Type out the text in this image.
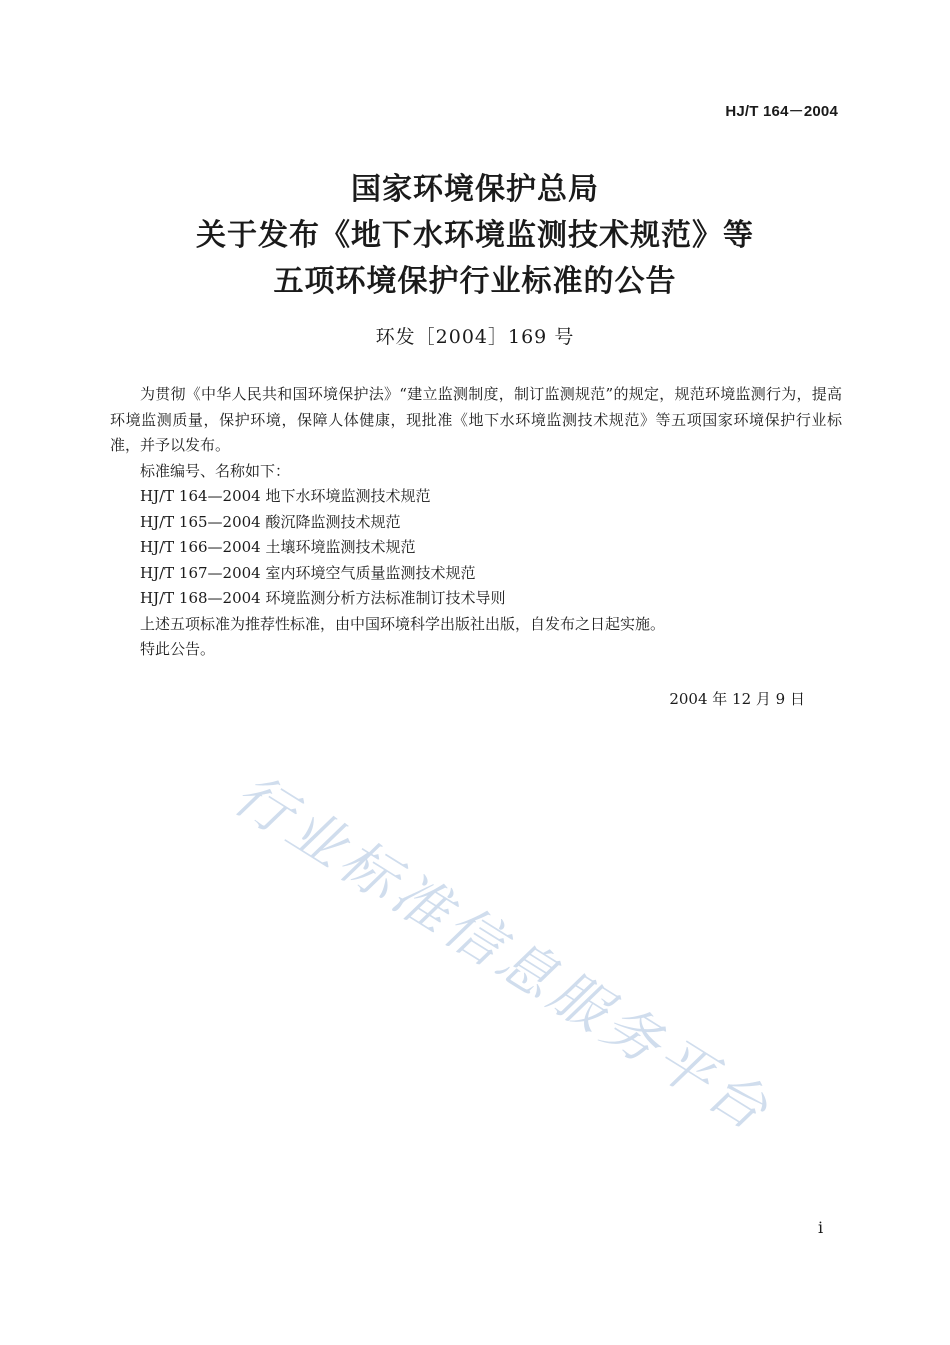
HJ/T 164－2004
国家环境保护总局
关于发布《地下水环境监测技术规范》等
五项环境保护行业标准的公告
环发［2004］169 号

为贯彻《中华人民共和国环境保护法》“建立监测制度，制订监测规范”的规定，规范环境监测行为，提高环境监测质量，保护环境，保障人体健康，现批准《地下水环境监测技术规范》等五项国家环境保护行业标准，并予以发布。

标准编号、名称如下：

HJ/T 164—2004 地下水环境监测技术规范

HJ/T 165—2004 酸沉降监测技术规范

HJ/T 166—2004 土壤环境监测技术规范

HJ/T 167—2004 室内环境空气质量监测技术规范

HJ/T 168—2004 环境监测分析方法标准制订技术导则

上述五项标准为推荐性标准，由中国环境科学出版社出版，自发布之日起实施。

特此公告。

2004 年 12 月 9 日
行业标准信息服务平台
i
